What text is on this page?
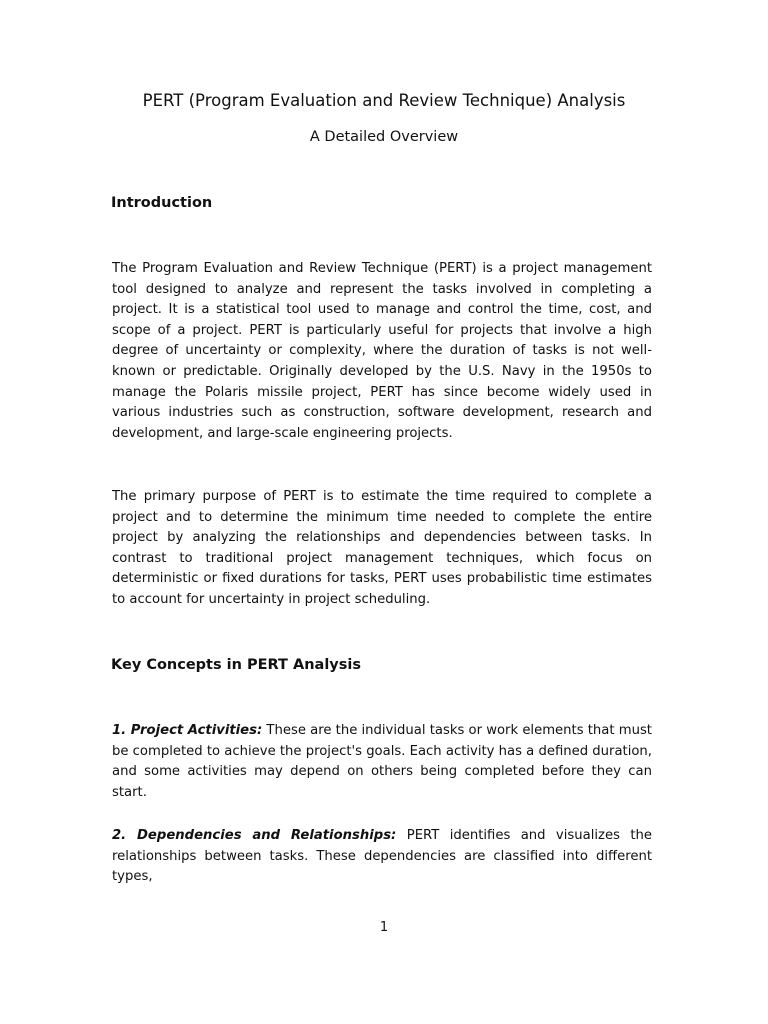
PERT (Program Evaluation and Review Technique) Analysis
A Detailed Overview
Introduction

The Program Evaluation and Review Technique (PERT) is a project management tool designed to analyze and represent the tasks involved in completing a project. It is a statistical tool used to manage and control the time, cost, and scope of a project. PERT is particularly useful for projects that involve a high degree of uncertainty or complexity, where the duration of tasks is not well-known or predictable. Originally developed by the U.S. Navy in the 1950s to manage the Polaris missile project, PERT has since become widely used in various industries such as construction, software development, research and development, and large-scale engineering projects.

The primary purpose of PERT is to estimate the time required to complete a project and to determine the minimum time needed to complete the entire project by analyzing the relationships and dependencies between tasks. In contrast to traditional project management techniques, which focus on deterministic or fixed durations for tasks, PERT uses probabilistic time estimates to account for uncertainty in project scheduling.

Key Concepts in PERT Analysis

1. Project Activities: These are the individual tasks or work elements that must be completed to achieve the project's goals. Each activity has a defined duration, and some activities may depend on others being completed before they can start.

2. Dependencies and Relationships: PERT identifies and visualizes the relationships between tasks. These dependencies are classified into different types,

1
